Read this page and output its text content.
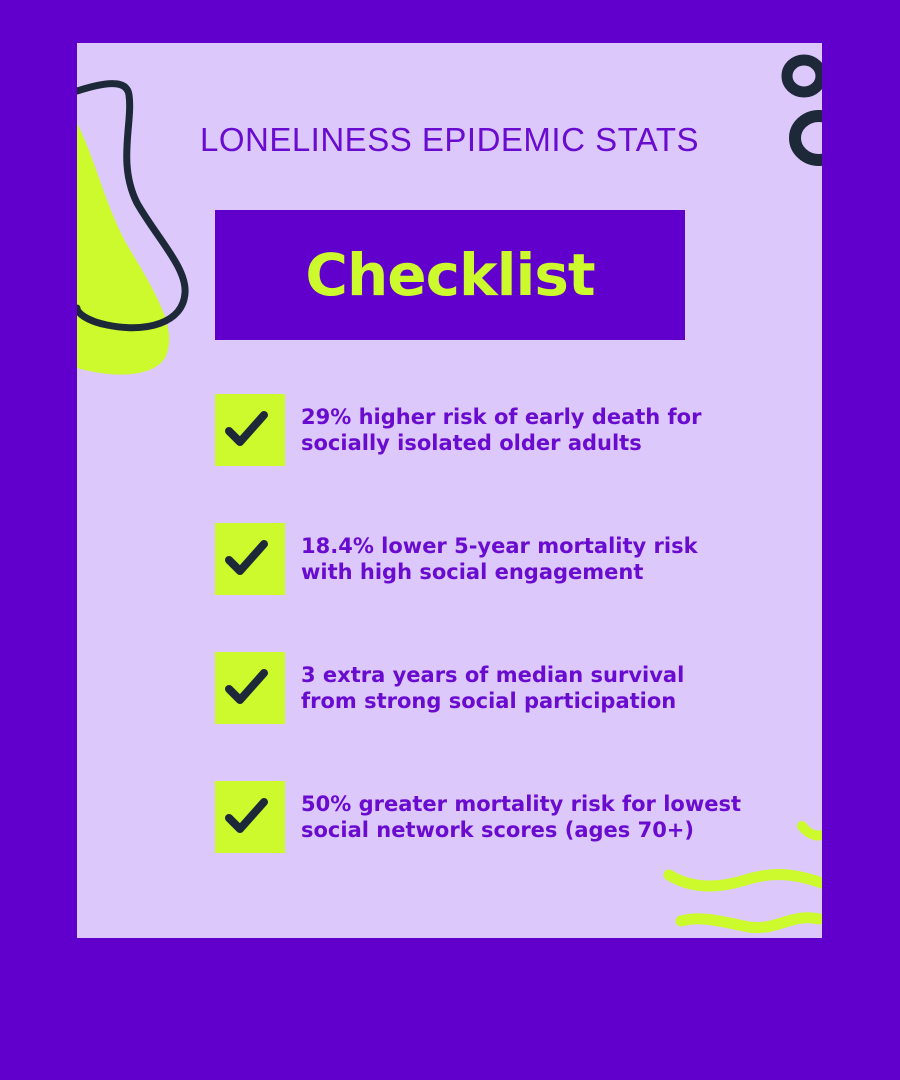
LONELINESS EPIDEMIC STATS
Checklist
29% higher risk of early death for
socially isolated older adults
18.4% lower 5-year mortality risk
with high social engagement
3 extra years of median survival
from strong social participation
50% greater mortality risk for lowest
social network scores (ages 70+)
